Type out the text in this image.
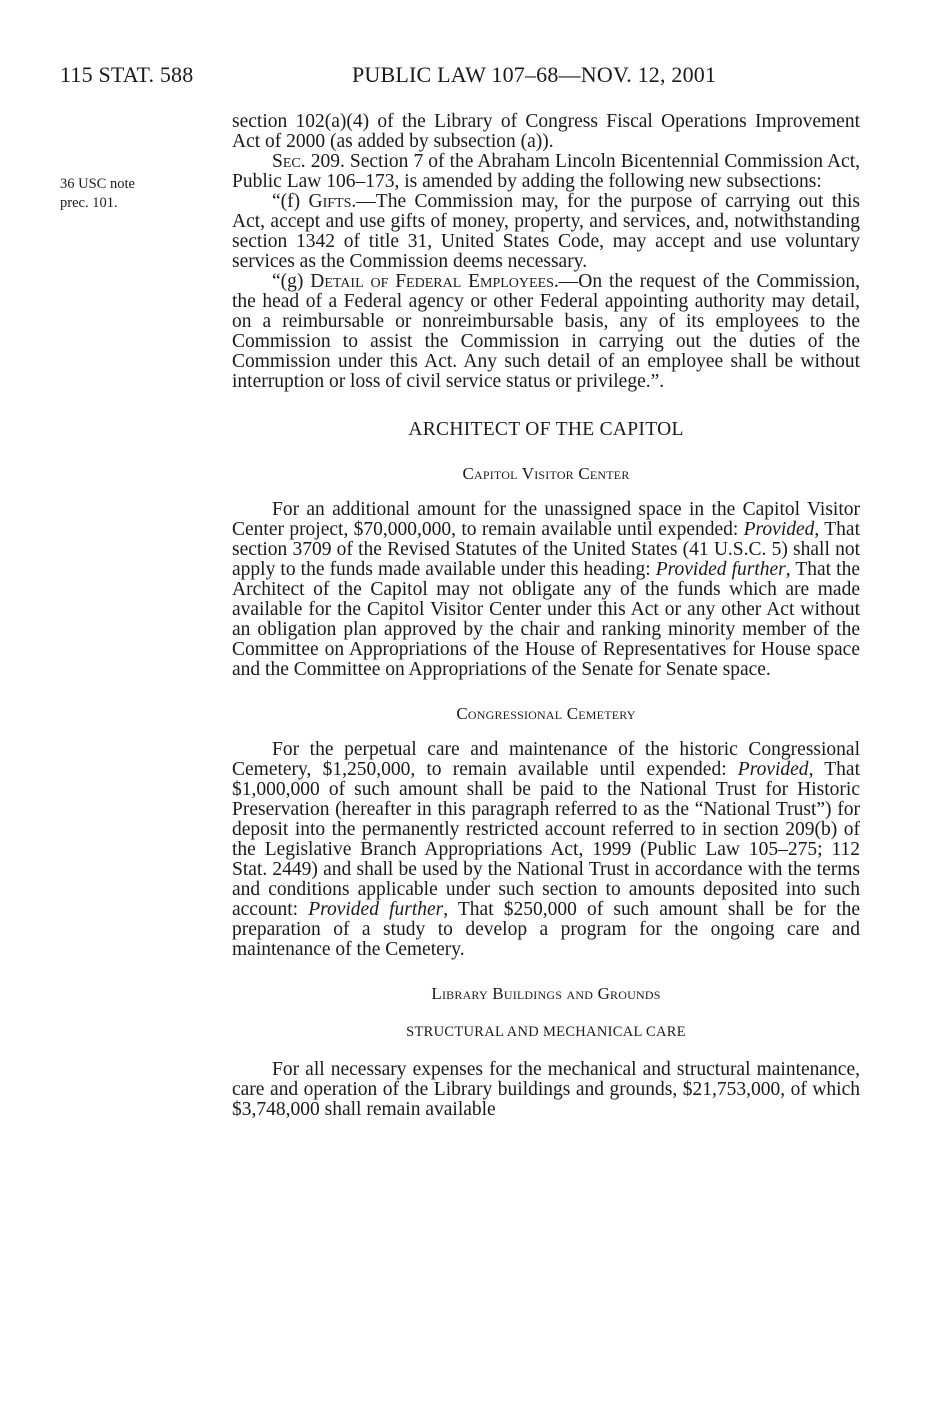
115 STAT. 588	PUBLIC LAW 107–68—NOV. 12, 2001
36 USC note
prec. 101.

section 102(a)(4) of the Library of Congress Fiscal Operations Improvement Act of 2000 (as added by subsection (a)).

Sec. 209. Section 7 of the Abraham Lincoln Bicentennial Commission Act, Public Law 106–173, is amended by adding the following new subsections:

“(f) Gifts.—The Commission may, for the purpose of carrying out this Act, accept and use gifts of money, property, and services, and, notwithstanding section 1342 of title 31, United States Code, may accept and use voluntary services as the Commission deems necessary.

“(g) Detail of Federal Employees.—On the request of the Commission, the head of a Federal agency or other Federal appointing authority may detail, on a reimbursable or nonreimbursable basis, any of its employees to the Commission to assist the Commission in carrying out the duties of the Commission under this Act. Any such detail of an employee shall be without interruption or loss of civil service status or privilege.”.

ARCHITECT OF THE CAPITOL
Capitol Visitor Center

For an additional amount for the unassigned space in the Capitol Visitor Center project, $70,000,000, to remain available until expended: Provided, That section 3709 of the Revised Statutes of the United States (41 U.S.C. 5) shall not apply to the funds made available under this heading: Provided further, That the Architect of the Capitol may not obligate any of the funds which are made available for the Capitol Visitor Center under this Act or any other Act without an obligation plan approved by the chair and ranking minority member of the Committee on Appropriations of the House of Representatives for House space and the Committee on Appropriations of the Senate for Senate space.

Congressional Cemetery

For the perpetual care and maintenance of the historic Congressional Cemetery, $1,250,000, to remain available until expended: Provided, That $1,000,000 of such amount shall be paid to the National Trust for Historic Preservation (hereafter in this paragraph referred to as the “National Trust”) for deposit into the permanently restricted account referred to in section 209(b) of the Legislative Branch Appropriations Act, 1999 (Public Law 105–275; 112 Stat. 2449) and shall be used by the National Trust in accordance with the terms and conditions applicable under such section to amounts deposited into such account: Provided further, That $250,000 of such amount shall be for the preparation of a study to develop a program for the ongoing care and maintenance of the Cemetery.

Library Buildings and Grounds
STRUCTURAL AND MECHANICAL CARE

For all necessary expenses for the mechanical and structural maintenance, care and operation of the Library buildings and grounds, $21,753,000, of which $3,748,000 shall remain available
